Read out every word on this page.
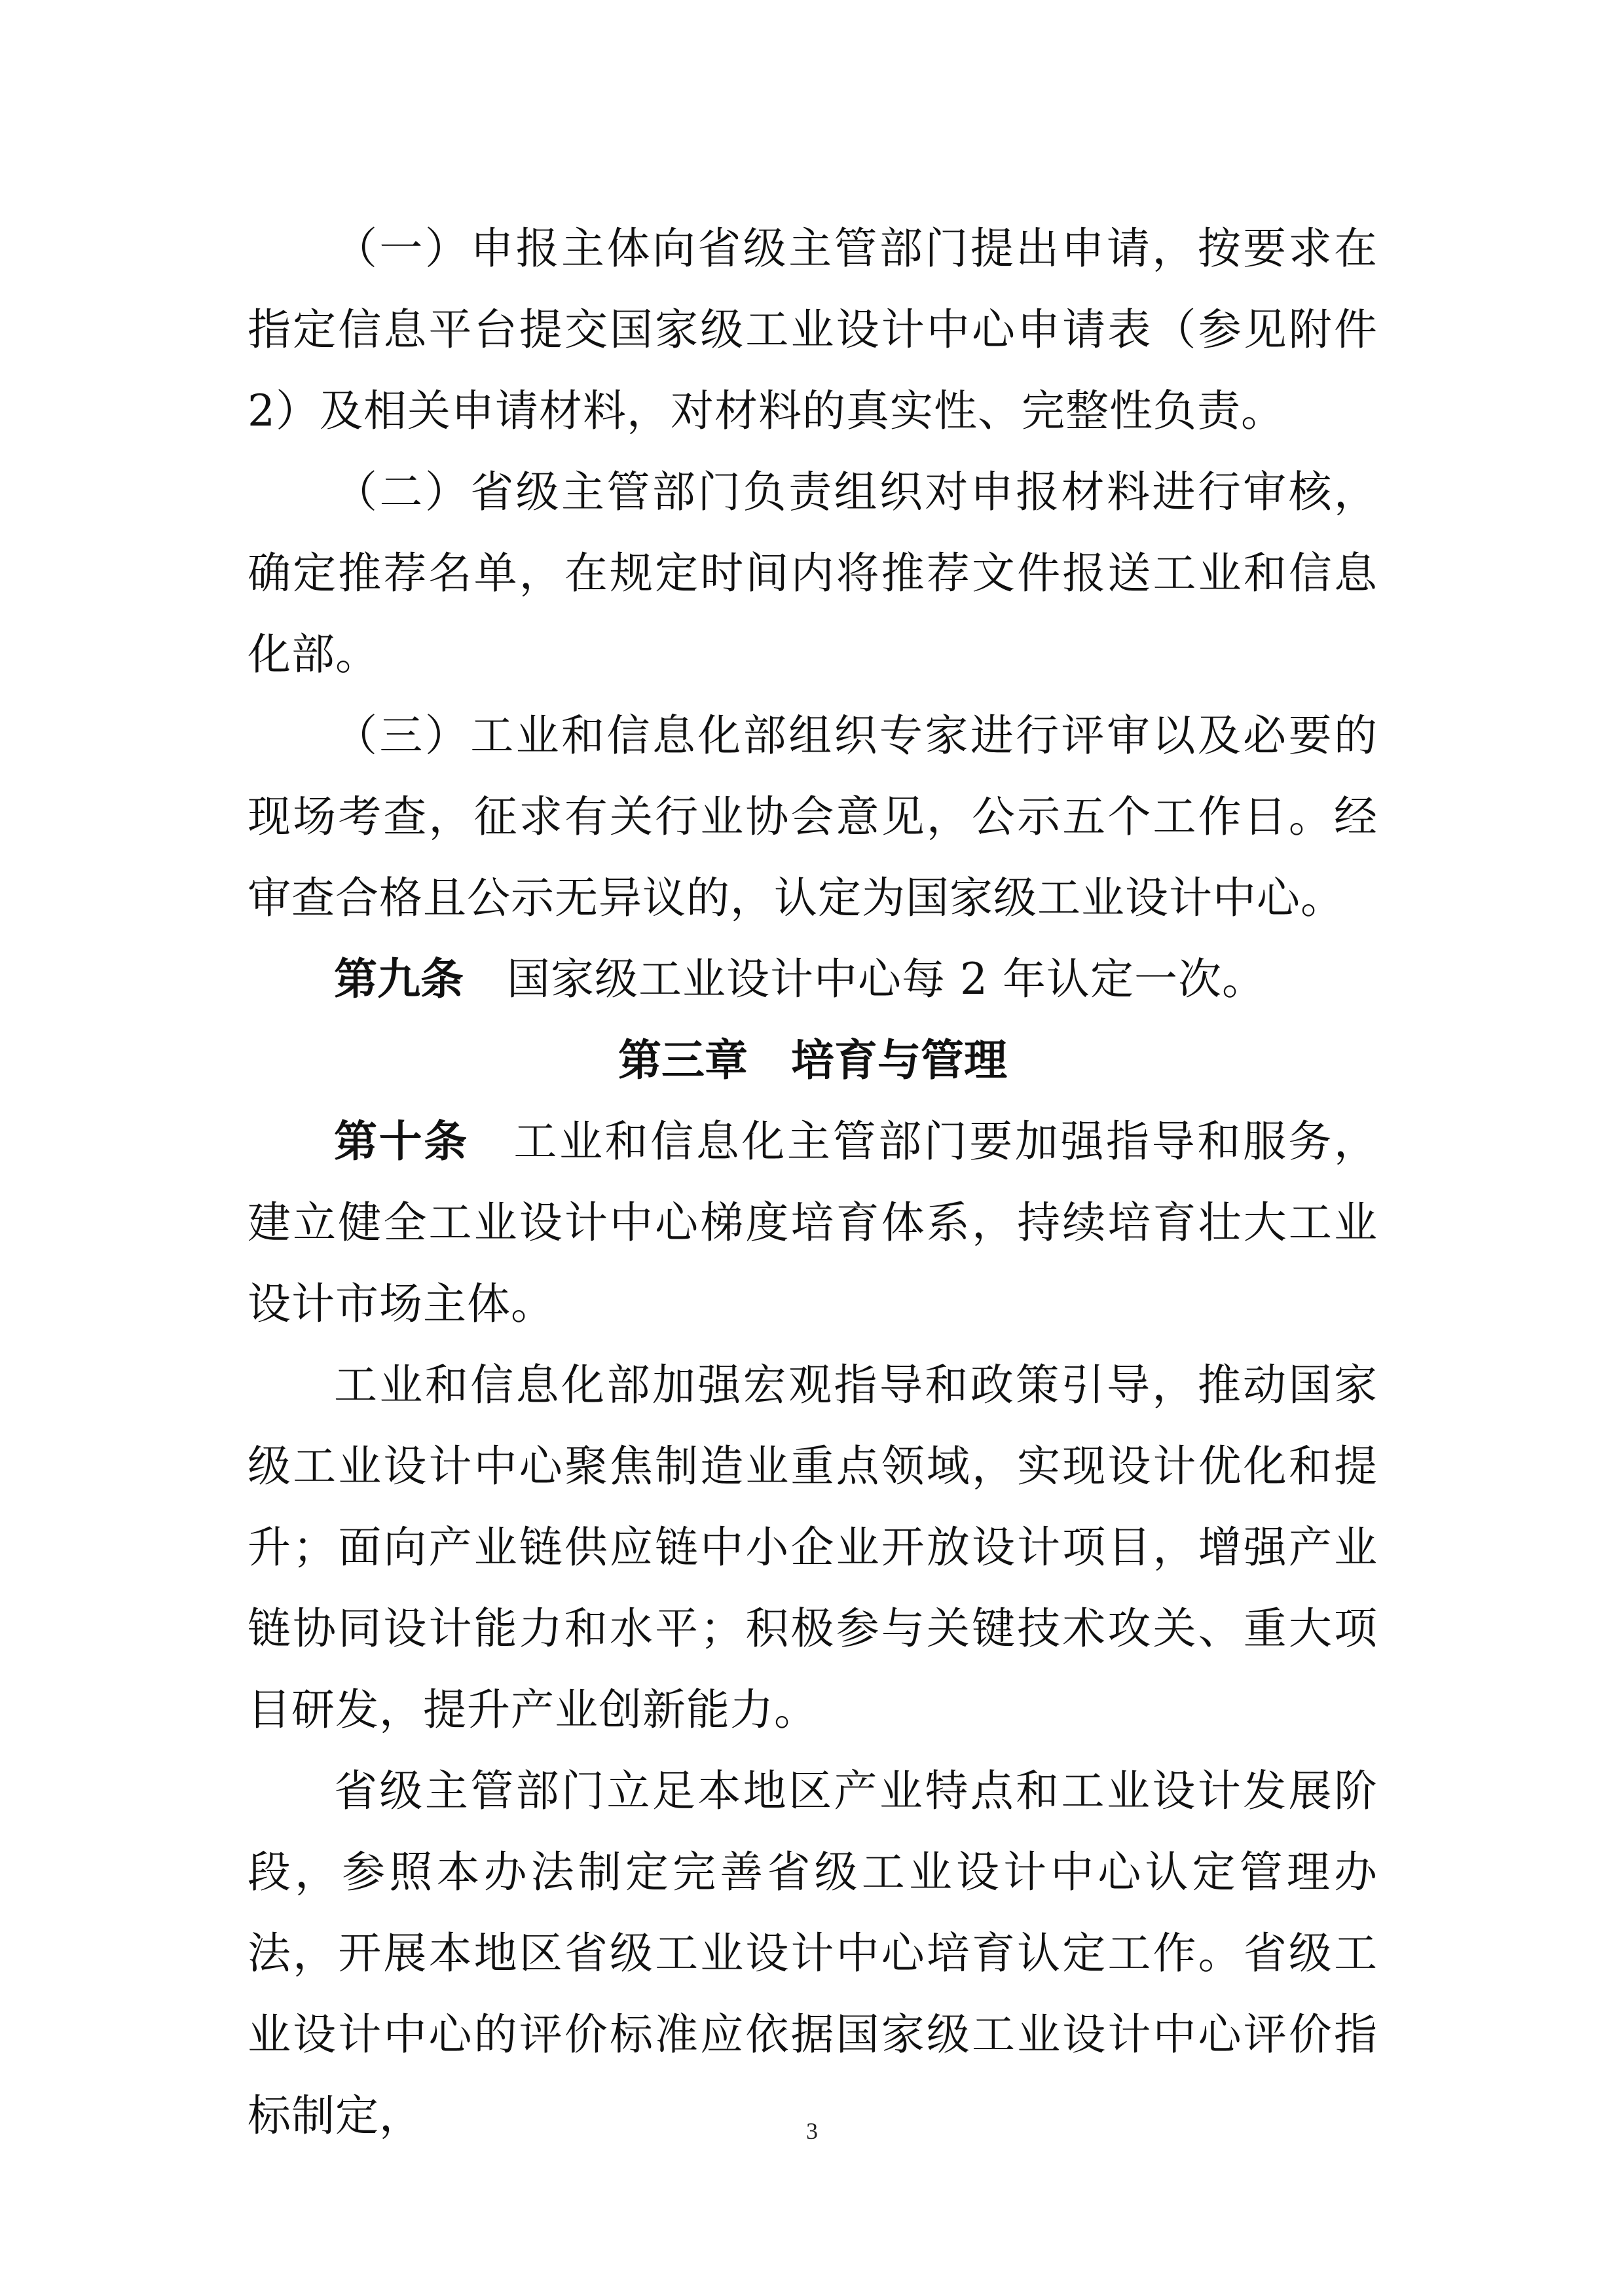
（一）申报主体向省级主管部门提出申请，按要求在指定信息平台提交国家级工业设计中心申请表（参见附件 2）及相关申请材料，对材料的真实性、完整性负责。

（二）省级主管部门负责组织对申报材料进行审核，确定推荐名单，在规定时间内将推荐文件报送工业和信息化部。

（三）工业和信息化部组织专家进行评审以及必要的现场考查，征求有关行业协会意见，公示五个工作日。经审查合格且公示无异议的，认定为国家级工业设计中心。

第九条 国家级工业设计中心每 2 年认定一次。

第三章 培育与管理

第十条 工业和信息化主管部门要加强指导和服务，建立健全工业设计中心梯度培育体系，持续培育壮大工业设计市场主体。

工业和信息化部加强宏观指导和政策引导，推动国家级工业设计中心聚焦制造业重点领域，实现设计优化和提升；面向产业链供应链中小企业开放设计项目，增强产业链协同设计能力和水平；积极参与关键技术攻关、重大项目研发，提升产业创新能力。

省级主管部门立足本地区产业特点和工业设计发展阶段，参照本办法制定完善省级工业设计中心认定管理办法，开展本地区省级工业设计中心培育认定工作。省级工业设计中心的评价标准应依据国家级工业设计中心评价指标制定，	3
